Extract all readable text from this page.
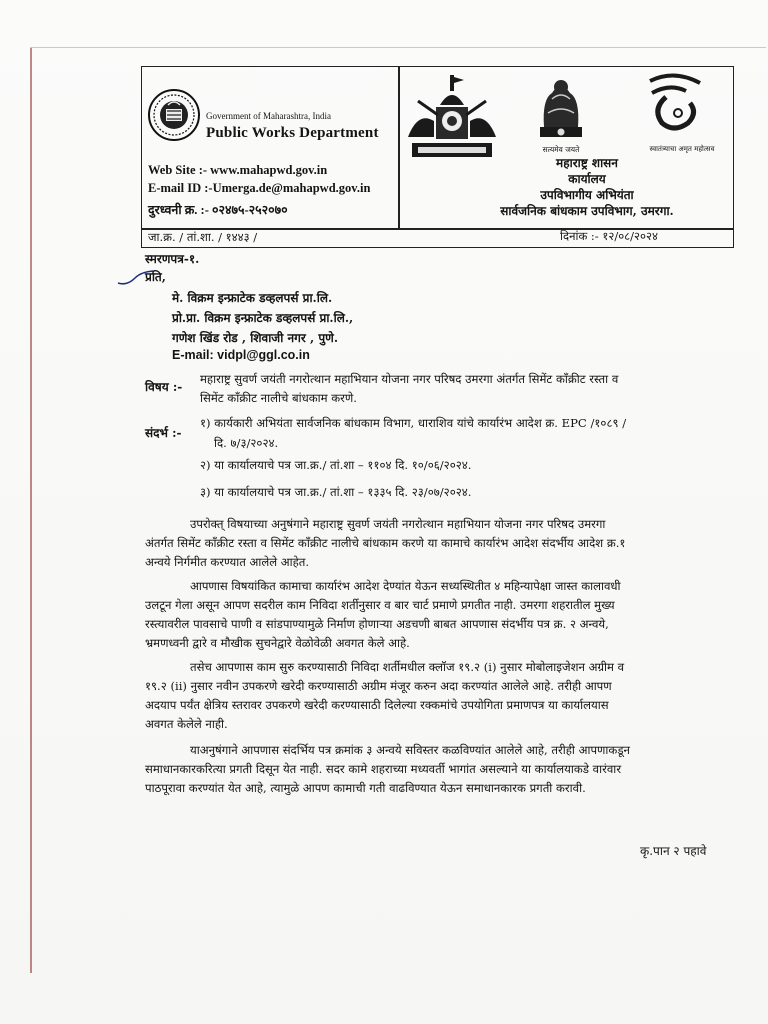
Government of Maharashtra, India
Public Works Department
Web Site :- www.mahapwd.gov.in
E-mail ID :-Umerga.de@mahapwd.gov.in
दुरध्वनी क्र. :- ०२४७५-२५२०७०
सत्यमेव जयते	स्वातंत्र्याचा अमृत महोत्सव
महाराष्ट्र शासन
कार्यालय
उपविभागीय अभियंता
सार्वजनिक बांधकाम उपविभाग, उमरगा.
जा.क्र. / तां.शा. / १४४३ /	दिनांक :- १२/०८/२०२४
स्मरणपत्र-१.
प्रति,
मे. विक्रम इन्फ्राटेक डव्हलपर्स प्रा.लि.
प्रो.प्रा. विक्रम इन्फ्राटेक डव्हलपर्स प्रा.लि.,
गणेश खिंड रोड , शिवाजी नगर , पुणे.
E-mail: vidpl@ggl.co.in
विषय :-
महाराष्ट्र सुवर्ण जयंती नगरोत्थान महाभियान योजना नगर परिषद उमरगा अंतर्गत सिमेंट कॉंक्रीट रस्ता व
सिमेंट कॉंक्रीट नालीचे बांधकाम करणे.
संदर्भ :-
१) कार्यकारी अभियंता सार्वजनिक बांधकाम विभाग, धाराशिव यांचे कार्यारंभ आदेश क्र. EPC /१०८९ /
दि. ७/३/२०२४.
२) या कार्यालयाचे पत्र जा.क्र./ तां.शा – ११०४ दि. १०/०६/२०२४.
३) या कार्यालयाचे पत्र जा.क्र./ तां.शा – १३३५ दि. २३/०७/२०२४.
उपरोक्त् विषयाच्या अनुषंगाने महाराष्ट्र सुवर्ण जयंती नगरोत्थान महाभियान योजना नगर परिषद उमरगा
अंतर्गत सिमेंट कॉंक्रीट रस्ता व सिमेंट कॉंक्रीट नालीचे बांधकाम करणे या कामाचे कार्यारंभ आदेश संदर्भीय आदेश क्र.१
अन्वये निर्गमीत करण्यात आलेले आहेत.
आपणास विषयांकित कामाचा कार्यारंभ आदेश देण्यांत येऊन सध्यस्थितीत ४ महिन्यापेक्षा जास्त कालावधी
उलटून गेला असून आपण सदरील काम निविदा शर्तीनुसार व बार चार्ट प्रमाणे प्रगतीत नाही. उमरगा शहरातील मुख्य
रस्त्यावरील पावसाचे पाणी व सांडपाण्यामुळे निर्माण होणाऱ्या अडचणी बाबत आपणास संदर्भीय पत्र क्र. २ अन्वये,
भ्रमणध्वनी द्वारे व मौखीक सुचनेद्वारे वेळोवेळी अवगत केले आहे.
तसेच आपणास काम सुरु करण्यासाठी निविदा शर्तीमधील क्लॉज १९.२ (i) नुसार मोबोलाइजेशन अग्रीम व
१९.२ (ii) नुसार नवीन उपकरणे खरेदी करण्यासाठी अग्रीम मंजूर करुन अदा करण्यांत आलेले आहे. तरीही आपण
अदयाप पर्यंत क्षेत्रिय स्तरावर उपकरणे खरेदी करण्यासाठी दिलेल्या रक्कमांचे उपयोगिता प्रमाणपत्र या कार्यालयास
अवगत केलेले नाही.
याअनुषंगाने आपणास संदर्भिय पत्र क्रमांक ३ अन्वये सविस्तर कळविण्यांत आलेले आहे, तरीही आपणाकडून
समाधानकारकरित्या प्रगती दिसून येत नाही. सदर कामे शहराच्या मध्यवर्ती भागांत असल्याने या कार्यालयाकडे वारंवार
पाठपूरावा करण्यांत येत आहे, त्यामुळे आपण कामाची गती वाढविण्यात येऊन समाधानकारक प्रगती करावी.
कृ.पान २ पहावे
